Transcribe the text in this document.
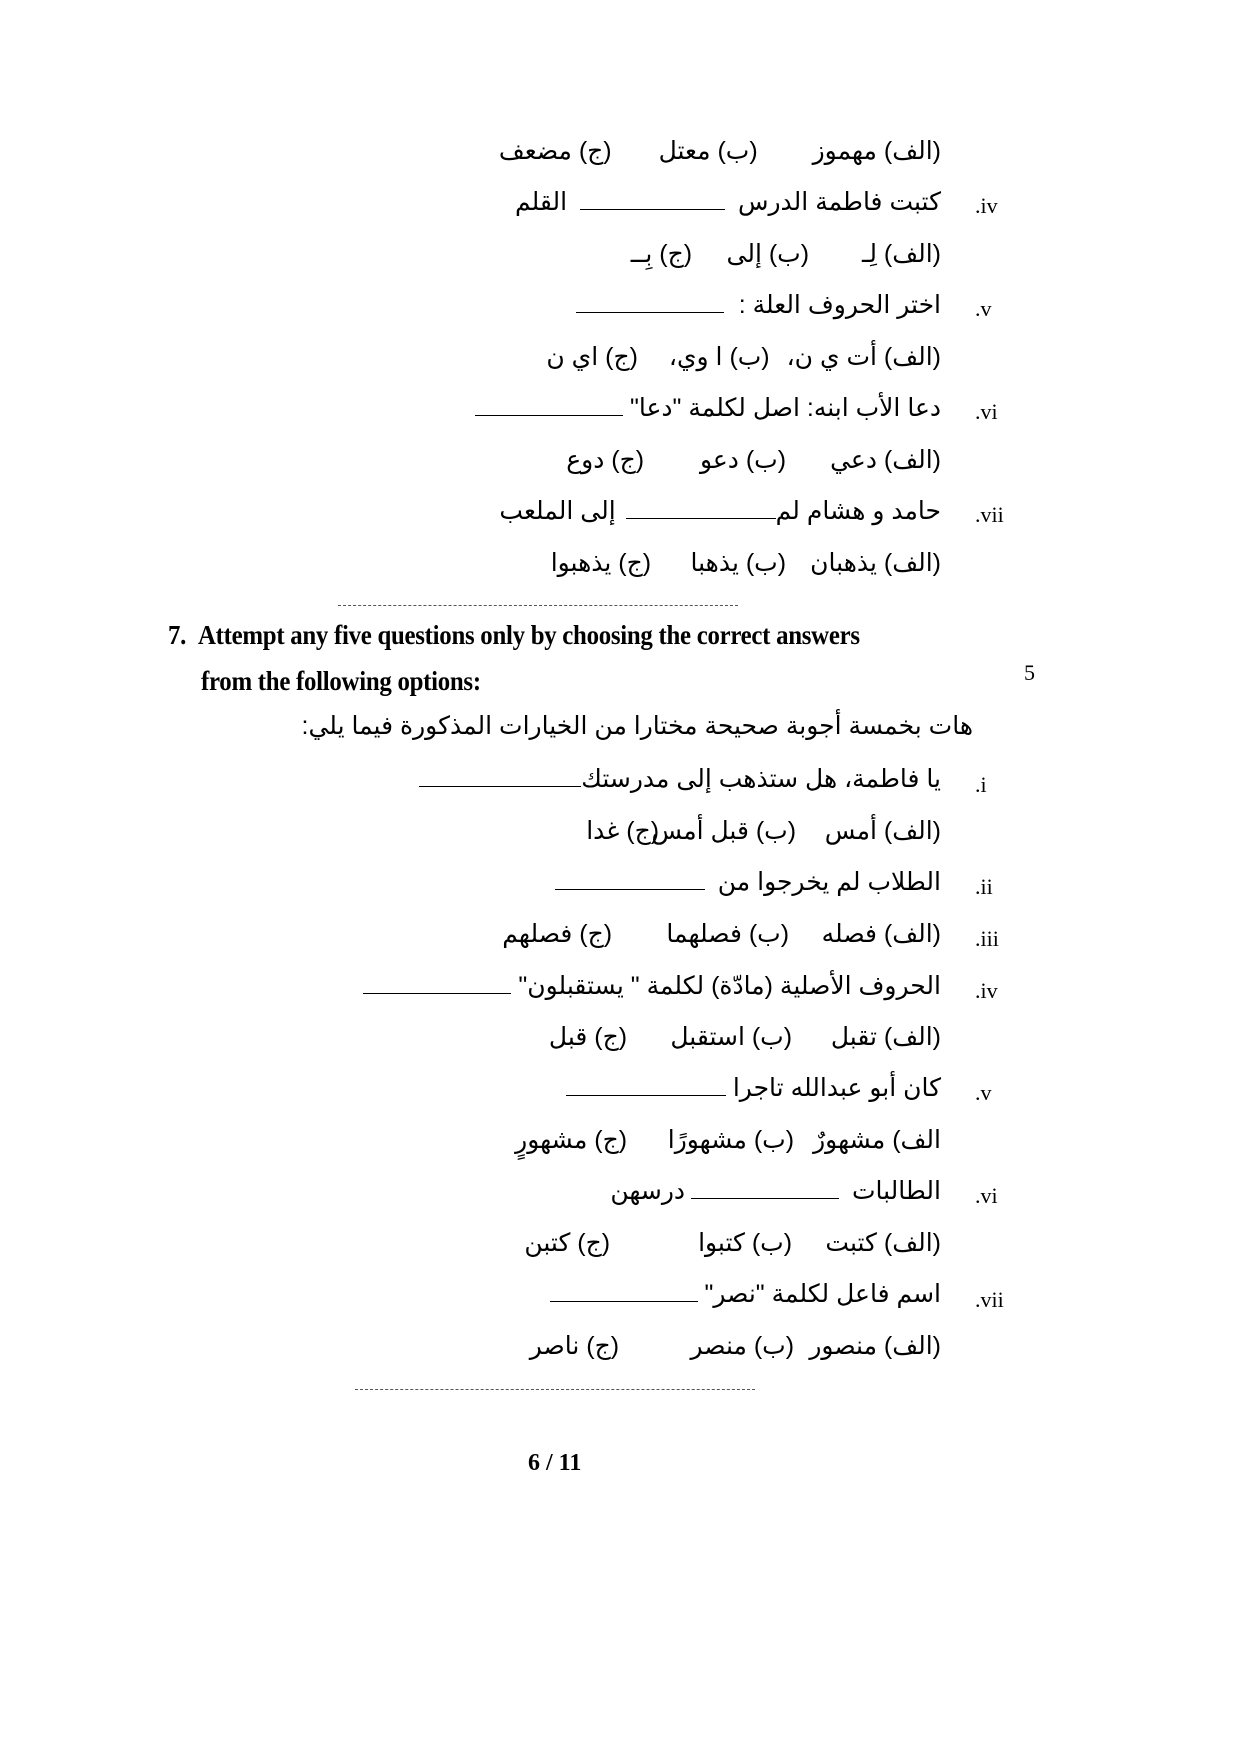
(الف) مهموز (ب) معتل (ج) مضعف
.iv
كتبت فاطمة الدرس  القلم
(الف) لِـ (ب) إلى (ج) بِــ
.v
اختر الحروف العلة :
(الف) أت ي ن، (ب) ا وي، (ج) اي ن
.vi
دعا الأب ابنه: اصل لكلمة "دعا"
(الف) دعي (ب) دعو (ج) دوع
.vii
حامد و هشام لمإلى الملعب
(الف) يذهبان (ب) يذهبا (ج) يذهبوا
7. Attempt any five questions only by choosing the correct answers
from the following options:	5
هات بخمسة أجوبة صحيحة مختارا من الخيارات المذكورة فيما يلي:
.i
يا فاطمة، هل ستذهب إلى مدرستك
(الف) أمس (ب) قبل أمس (ج) غدا
.ii
الطلاب لم يخرجوا من
.iii
(الف) فصله (ب) فصلهما (ج) فصلهم
.iv
الحروف الأصلية (مادّة) لكلمة " يستقبلون"
(الف) تقبل (ب) استقبل (ج) قبل
.v
كان أبو عبدالله تاجرا
الف) مشهورٌ (ب) مشهورًا (ج) مشهورٍ
.vi
الطالبات درسهن
(الف) كتبت (ب) كتبوا (ج) كتبن
.vii
اسم فاعل لكلمة "نصر"
(الف) منصور (ب) منصر (ج) ناصر
6 / 11
